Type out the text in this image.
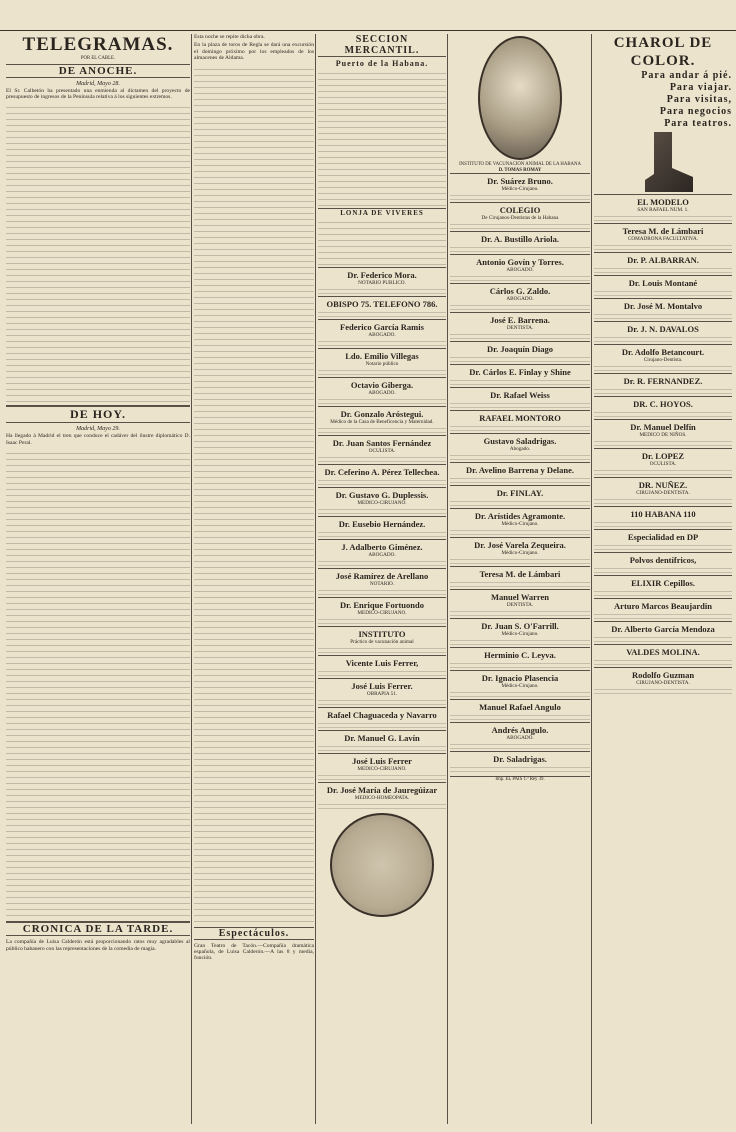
TELEGRAMAS.
POR EL CABLE.
DE ANOCHE.
Madrid, Mayo 28.

El Sr. Calbetón ha presentado una enmienda al dictamen del proyecto de presupuesto de ingresos de la Península relativa á los siguientes extremos.

DE HOY.
Madrid, Mayo 29.

Ha llegado á Madrid el tren que conduce el cadáver del ilustre diplomático D. Isaac Peral.

CRONICA DE LA TARDE.

La compañía de Luisa Calderón está proporcionando ratos muy agradables al público habanero con las representaciones de la comedia de magia.

Esta noche se repite dicha obra.

En la plaza de toros de Regla se dará una excursión el domingo próximo por los empleados de los almacenes de Aldama.

Espectáculos.

Gran Teatro de Tacón.—Compañía dramática española, de Luisa Calderón.—A las 8 y media, función.

SECCION MERCANTIL.
Puerto de la Habana.
LONJA DE VIVERES
Dr. Federico Mora.
NOTARIO PUBLICO.
OBISPO 75. TELEFONO 786.
Federico García Ramis
ABOGADO.
Ldo. Emilio Villegas
Notario público
Octavio Giberga.
ABOGADO.
Dr. Gonzalo Aróstegui.
Médico de la Casa de Beneficencia y Maternidad.
Dr. Juan Santos Fernández
OCULISTA.
Dr. Ceferino A. Pérez Tellechea.
Dr. Gustavo G. Duplessis.
MEDICO-CIRUJANO.
Dr. Eusebio Hernández.
J. Adalberto Giménez.
ABOGADO.
José Ramírez de Arellano
NOTARIO.
Dr. Enrique Fortuondo
MEDICO-CIRUJANO.
INSTITUTO
Práctico de vacunación animal
Vicente Luis Ferrer,
José Luis Ferrer.
OBRAPIA 51.
Rafael Chaguaceda y Navarro
Dr. Manuel G. Lavín
José Luis Ferrer
MEDICO-CIRUJANO.
Dr. José María de Jauregúizar
MEDICO-HOMEOPATA.
INSTITUTO DE VACUNACION ANIMAL DE LA HABANA
D. TOMAS ROMAY
Dr. Suárez Bruno.
Médico-Cirujano.
COLEGIO
De Cirujanos-Dentistas de la Habana
Dr. A. Bustillo Ariola.
Antonio Govín y Torres.
ABOGADO.
Cárlos G. Zaldo.
ABOGADO.
José E. Barrena.
DENTISTA.
Dr. Joaquín Diago
Dr. Cárlos E. Finlay y Shine
Dr. Rafael Weiss
RAFAEL MONTORO
Gustavo Saladrigas.
Abogado.
Dr. Avelino Barrena y Delane.
Dr. FINLAY.
Dr. Arístides Agramonte.
Médico-Cirujano.
Dr. José Varela Zequeira.
Médico-Cirujano.
Teresa M. de Lámbari
Manuel Warren
DENTISTA.
Dr. Juan S. O'Farrill.
Médico-Cirujano.
Herminio C. Leyva.
Dr. Ignacio Plasencia
Médico-Cirujano.
Manuel Rafael Angulo
Andrés Angulo.
ABOGADO.
Dr. Saladrigas.
Imp. EL PAIS T.ª Rey 39.
CHAROL DE COLOR.
Para andar á pié.
Para viajar.
Para visitas,
Para negocios
Para teatros.
EL MODELO
SAN RAFAEL NUM. 1.
Teresa M. de Lámbari
COMADRONA FACULTATIVA.
Dr. P. ALBARRAN.
Dr. Louis Montané
Dr. José M. Montalvo
Dr. J. N. DAVALOS
Dr. Adolfo Betancourt.
Cirujano-Dentista.
Dr. R. FERNANDEZ.
DR. C. HOYOS.
Dr. Manuel Delfín
MEDICO DE NIÑOS.
Dr. LOPEZ
OCULISTA.
DR. NUÑEZ.
CIRUJANO-DENTISTA.
110 HABANA 110
Especialidad en DP
Polvos dentífricos,
ELIXIR Cepillos.
Arturo Marcos Beaujardin
Dr. Alberto García Mendoza
VALDES MOLINA.
Rodolfo Guzman
CIRUJANO-DENTISTA.
